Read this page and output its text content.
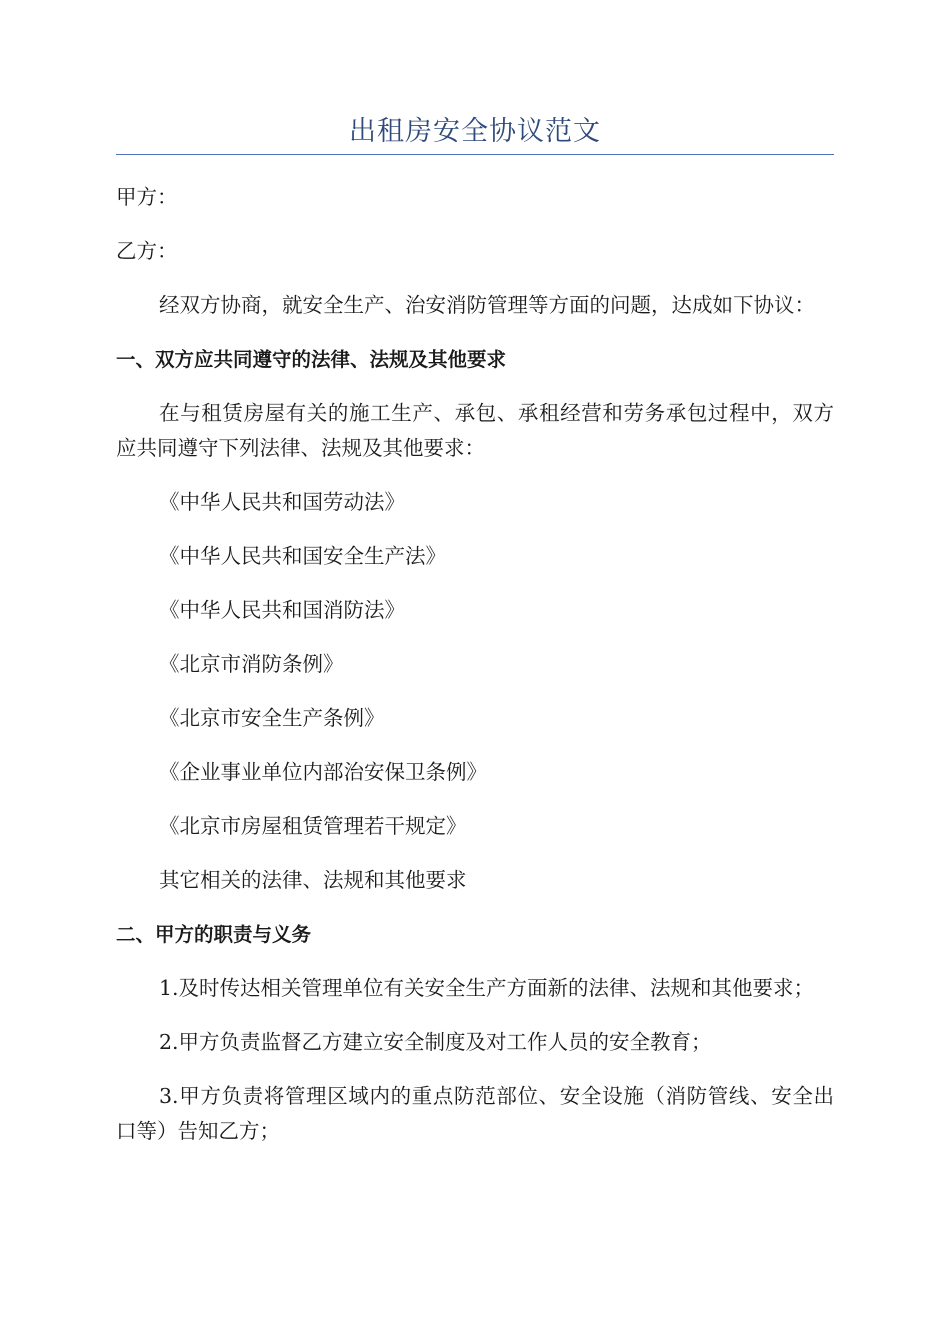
出租房安全协议范文

甲方：

乙方：

经双方协商，就安全生产、治安消防管理等方面的问题，达成如下协议：

一、双方应共同遵守的法律、法规及其他要求

在与租赁房屋有关的施工生产、承包、承租经营和劳务承包过程中，双方应共同遵守下列法律、法规及其他要求：

《中华人民共和国劳动法》

《中华人民共和国安全生产法》

《中华人民共和国消防法》

《北京市消防条例》

《北京市安全生产条例》

《企业事业单位内部治安保卫条例》

《北京市房屋租赁管理若干规定》

其它相关的法律、法规和其他要求

二、甲方的职责与义务

1.及时传达相关管理单位有关安全生产方面新的法律、法规和其他要求；

2.甲方负责监督乙方建立安全制度及对工作人员的安全教育；

3.甲方负责将管理区域内的重点防范部位、安全设施（消防管线、安全出口等）告知乙方；
